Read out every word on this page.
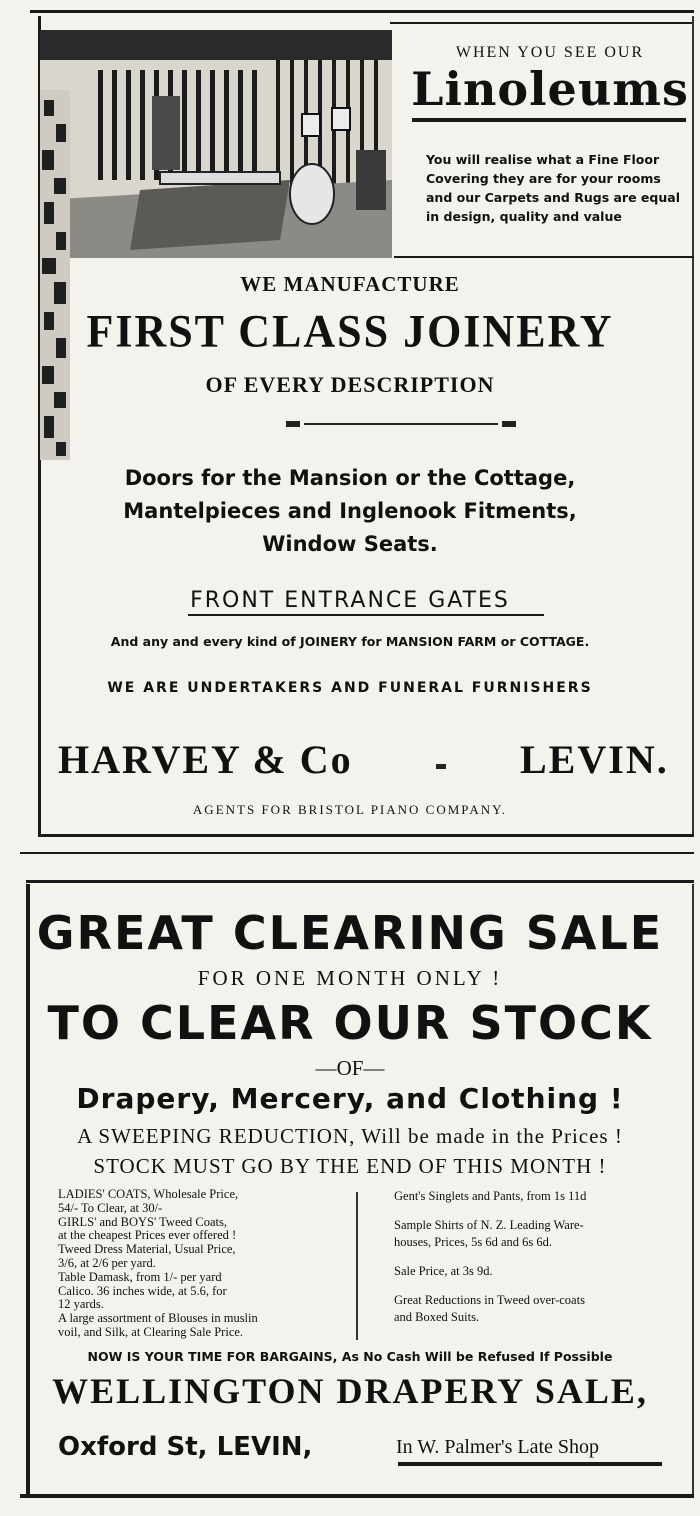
WHEN YOU SEE OUR
Linoleums
You will realise what a Fine Floor
Covering they are for your rooms
and our Carpets and Rugs are equal
in design, quality and value
WE MANUFACTURE
FIRST CLASS JOINERY
OF EVERY DESCRIPTION
Doors for the Mansion or the Cottage,
Mantelpieces and Inglenook Fitments,
Window Seats.
FRONT ENTRANCE GATES
And any and every kind of JOINERY for MANSION FARM or COTTAGE.
WE ARE UNDERTAKERS AND FUNERAL FURNISHERS
HARVEY & Co	LEVIN.
AGENTS FOR BRISTOL PIANO COMPANY.
GREAT CLEARING SALE
FOR ONE MONTH ONLY !
TO CLEAR OUR STOCK
—OF—
Drapery, Mercery, and Clothing !
A SWEEPING REDUCTION, Will be made in the Prices !
STOCK MUST GO BY THE END OF THIS MONTH !
LADIES' COATS, Wholesale Price,
54/- To Clear, at 30/-
GIRLS' and BOYS' Tweed Coats,
at the cheapest Prices ever offered !
Tweed Dress Material, Usual Price,
3/6, at 2/6 per yard.
Table Damask, from 1/- per yard
Calico. 36 inches wide, at 5.6, for
12 yards.
A large assortment of Blouses in muslin
voil, and Silk, at Clearing Sale Price.
Gent's Singlets and Pants, from 1s 11d
Sample Shirts of N. Z. Leading Ware-
houses, Prices, 5s 6d and 6s 6d.
Sale Price, at 3s 9d.
Great Reductions in Tweed over-coats
and Boxed Suits.
NOW IS YOUR TIME FOR BARGAINS, As No Cash Will be Refused If Possible
WELLINGTON DRAPERY SALE,
Oxford St, LEVIN,	In W. Palmer's Late Shop
